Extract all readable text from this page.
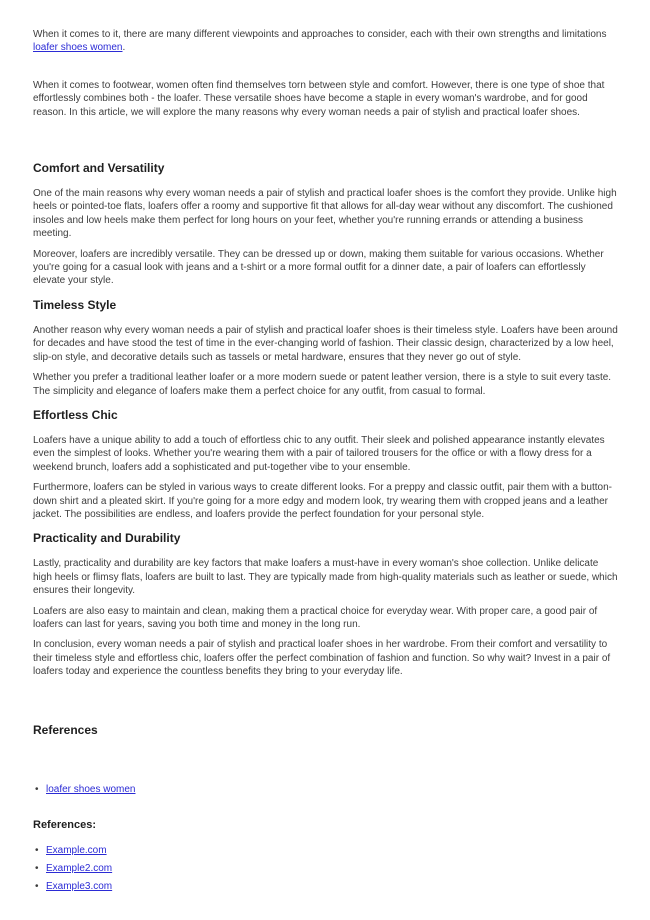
When it comes to it, there are many different viewpoints and approaches to consider, each with their own strengths and limitations loafer shoes women.

When it comes to footwear, women often find themselves torn between style and comfort. However, there is one type of shoe that effortlessly combines both - the loafer. These versatile shoes have become a staple in every woman's wardrobe, and for good reason. In this article, we will explore the many reasons why every woman needs a pair of stylish and practical loafer shoes.

Comfort and Versatility

One of the main reasons why every woman needs a pair of stylish and practical loafer shoes is the comfort they provide. Unlike high heels or pointed-toe flats, loafers offer a roomy and supportive fit that allows for all-day wear without any discomfort. The cushioned insoles and low heels make them perfect for long hours on your feet, whether you're running errands or attending a business meeting.

Moreover, loafers are incredibly versatile. They can be dressed up or down, making them suitable for various occasions. Whether you're going for a casual look with jeans and a t-shirt or a more formal outfit for a dinner date, a pair of loafers can effortlessly elevate your style.

Timeless Style

Another reason why every woman needs a pair of stylish and practical loafer shoes is their timeless style. Loafers have been around for decades and have stood the test of time in the ever-changing world of fashion. Their classic design, characterized by a low heel, slip-on style, and decorative details such as tassels or metal hardware, ensures that they never go out of style.

Whether you prefer a traditional leather loafer or a more modern suede or patent leather version, there is a style to suit every taste. The simplicity and elegance of loafers make them a perfect choice for any outfit, from casual to formal.

Effortless Chic

Loafers have a unique ability to add a touch of effortless chic to any outfit. Their sleek and polished appearance instantly elevates even the simplest of looks. Whether you're wearing them with a pair of tailored trousers for the office or with a flowy dress for a weekend brunch, loafers add a sophisticated and put-together vibe to your ensemble.

Furthermore, loafers can be styled in various ways to create different looks. For a preppy and classic outfit, pair them with a button-down shirt and a pleated skirt. If you're going for a more edgy and modern look, try wearing them with cropped jeans and a leather jacket. The possibilities are endless, and loafers provide the perfect foundation for your personal style.

Practicality and Durability

Lastly, practicality and durability are key factors that make loafers a must-have in every woman's shoe collection. Unlike delicate high heels or flimsy flats, loafers are built to last. They are typically made from high-quality materials such as leather or suede, which ensures their longevity.

Loafers are also easy to maintain and clean, making them a practical choice for everyday wear. With proper care, a good pair of loafers can last for years, saving you both time and money in the long run.

In conclusion, every woman needs a pair of stylish and practical loafer shoes in her wardrobe. From their comfort and versatility to their timeless style and effortless chic, loafers offer the perfect combination of fashion and function. So why wait? Invest in a pair of loafers today and experience the countless benefits they bring to your everyday life.

References
• loafer shoes women

References:

• Example.com
• Example2.com
• Example3.com
